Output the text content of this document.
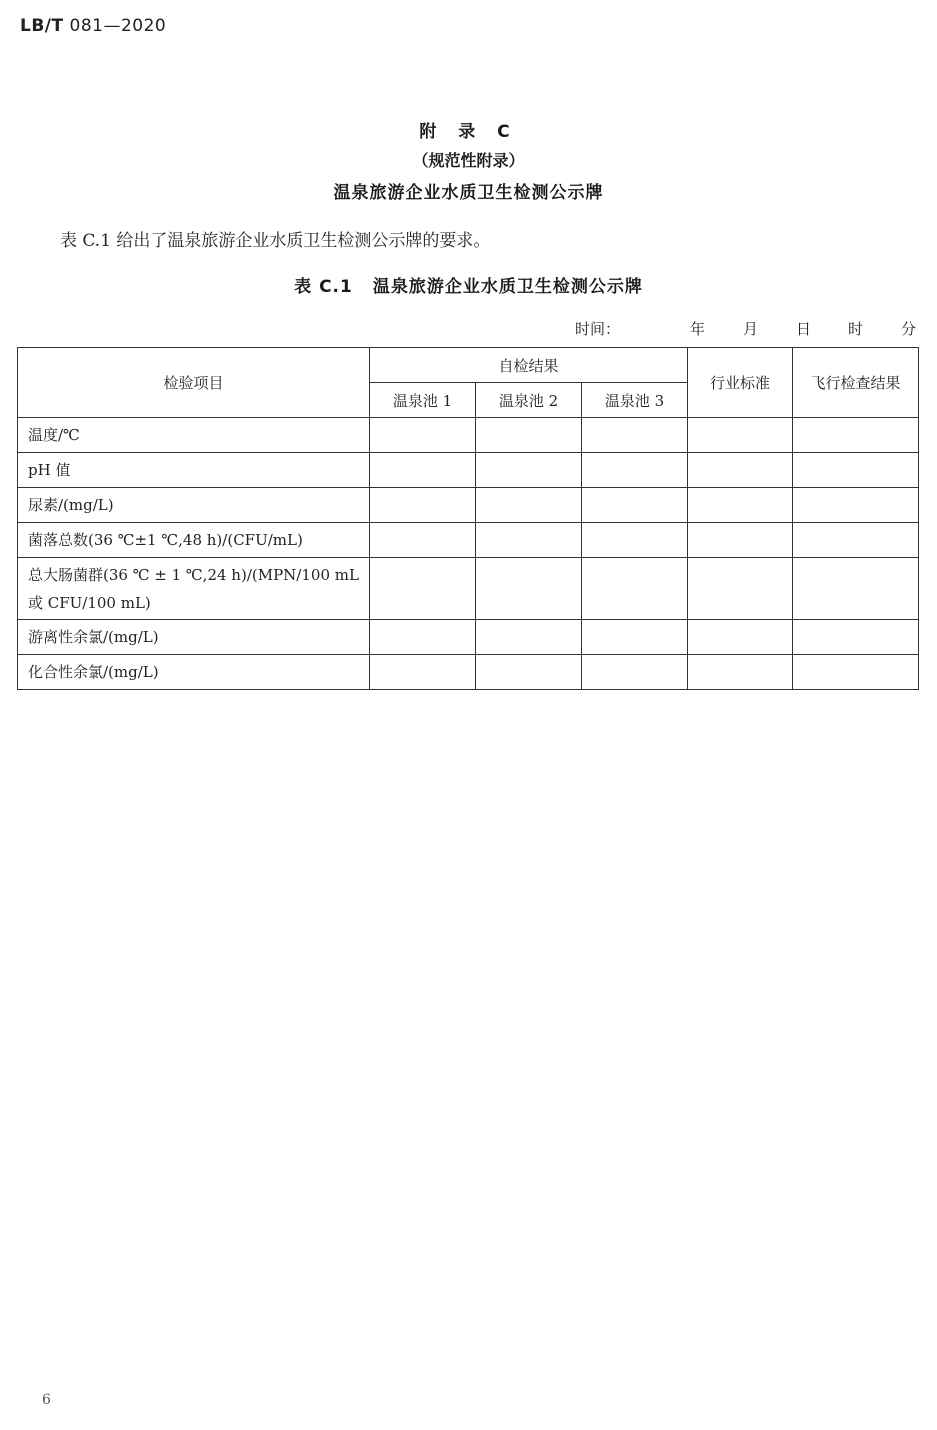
LB/T 081—2020
附 录 C
（规范性附录）
温泉旅游企业水质卫生检测公示牌
表 C.1 给出了温泉旅游企业水质卫生检测公示牌的要求。
表 C.1 温泉旅游企业水质卫生检测公示牌
时间：	年	月	日 时	分
检验项目	自检结果			行业标准	飞行检查结果
	温泉池 1	温泉池 2	温泉池 3		
温度/℃					
pH 值					
尿素/(mg/L)					
菌落总数(36 ℃±1 ℃,48 h)/(CFU/mL)					
总大肠菌群(36 ℃ ± 1 ℃,24 h)/(MPN/100 mL或 CFU/100 mL)					
游离性余氯/(mg/L)					
化合性余氯/(mg/L)					
6
